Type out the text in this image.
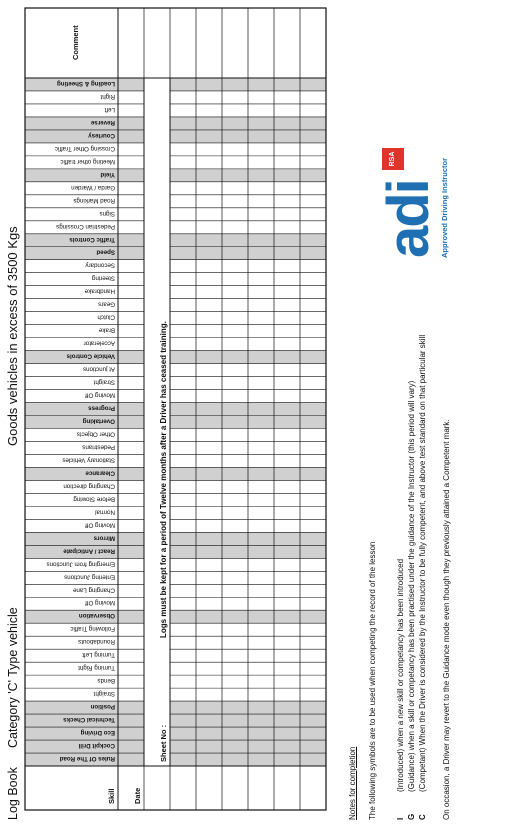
Log Book
Category 'C' Type vehicle
Goods vehicles in excess of 3500 Kgs
Rules Of The Road
Cockpit Drill
Eco Driving
Technical Checks
Position
Straight
Bends
Turning Right
Turning Left
Roundabouts
Following Traffic
Observation
Moving Off
Changing Lane
Entering Junctions
Emerging from Junctions
React / Anticipate
Mirrors
Moving Off
Normal
Before Slowing
Changing direction
Clearance
Stationary Vehicles
Pedestrians
Other Objects
Overtaking
Progress
Moving Off
Straight
At junctions
Vehicle Controls
Accelerator
Brake
Clutch
Gears
Handbrake
Steering
Secondary
Speed
Traffic Controls
Pedestrian Crossings
Signs
Road Markings
Garda / Warden
Yield
Meeting other traffic
Crossing Other Traffic
Courtesy
Reverse
Left
Right
Loading & Sheeting
Skill Date
Comment
Sheet No :
Logs must be kept for a period of Twelve months after a Driver has ceased training.
Notes for completion The following symbols are to be used when competing the record of the lesson I
(Introduced) when a new skill or competancy has been introduced
G
(Guidance) when a skill or competancy has been practised under the guidance of the Instructor (this period will vary)
C
(Competant) When the Driver is considered by the Instructor to be fully competent, and above test standard on that particular skill On occasion, a Driver may revert to the Guidance mode even though they previously attained a Competent mark.
adi
RSA	Approved Driving Instructor
